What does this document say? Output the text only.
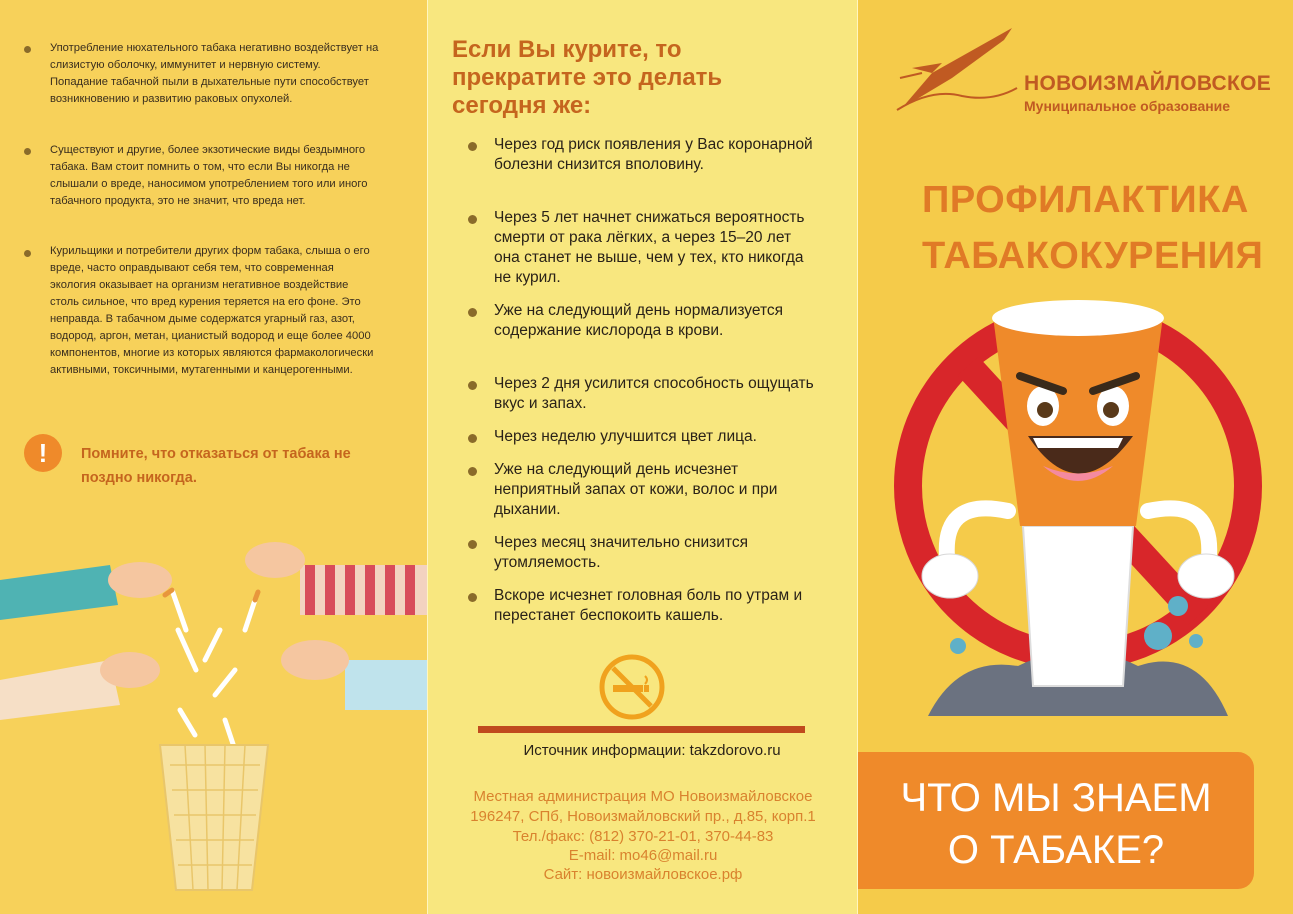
Употребление нюхательного табака негативно воздействует на слизистую оболочку, иммунитет и нервную систему. Попадание табачной пыли в дыхательные пути способствует возникновению и развитию раковых опухолей.
Существуют и другие, более экзотические виды бездымного табака. Вам стоит помнить о том, что если Вы никогда не слышали о вреде, наносимом употреблением того или иного табачного продукта, это не значит, что вреда нет.
Курильщики и потребители других форм табака, слыша о его вреде, часто оправдывают себя тем, что современная экология оказывает на организм негативное воздействие столь сильное, что вред курения теряется на его фоне. Это неправда. В табачном дыме содержатся угарный газ, азот, водород, аргон, метан, цианистый водород и еще более 4000 компонентов, многие из которых являются фармакологически активными, токсичными, мутагенными и канцерогенными.
!	Помните, что отказаться от табака не поздно никогда.
Если Вы курите, то прекратите это делать сегодня же:
Через год риск появления у Вас коронарной болезни снизится вполовину.
Через 5 лет начнет снижаться вероятность смерти от рака лёгких, а через 15–20 лет она станет не выше, чем у тех, кто никогда не курил.
Уже на следующий день нормализуется содержание кислорода в крови.
Через 2 дня усилится способность ощущать вкус и запах.
Через неделю улучшится цвет лица.
Уже на следующий день исчезнет неприятный запах от кожи, волос и при дыхании.
Через месяц значительно снизится утомляемость.
Вскоре исчезнет головная боль по утрам и перестанет беспокоить кашель.
Источник информации: takzdorovo.ru
Местная администрация МО Новоизмайловское
196247, СПб, Новоизмайловский пр., д.85, корп.1
Тел./факс: (812) 370-21-01, 370-44-83
E-mail: mo46@mail.ru
Сайт: новоизмайловское.рф
НОВОИЗМАЙЛОВСКОЕ
Муниципальное образование
ПРОФИЛАКТИКА
ТАБАКОКУРЕНИЯ
ЧТО МЫ ЗНАЕМ
О ТАБАКЕ?
